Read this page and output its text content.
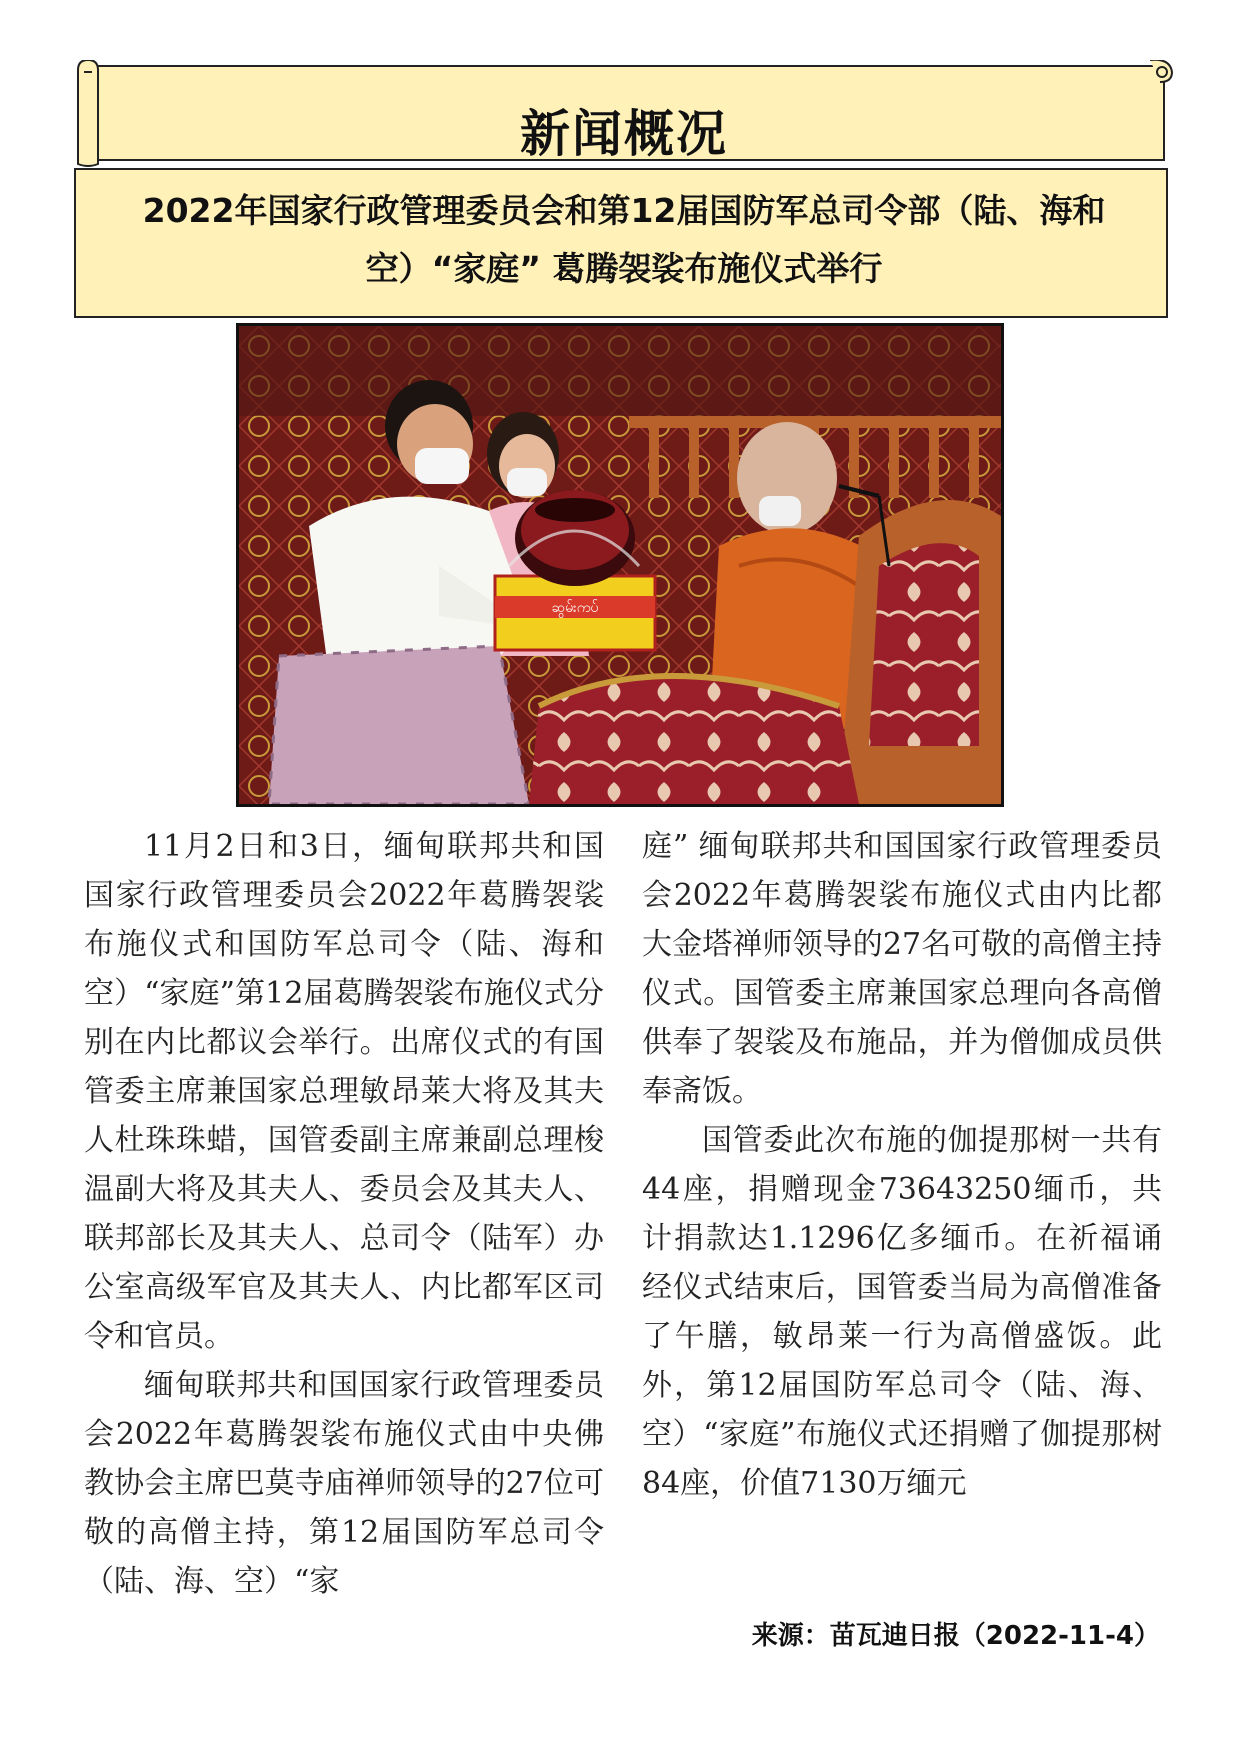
新闻概况
2022年国家行政管理委员会和第12届国防军总司令部（陆、海和空）“家庭” 葛腾袈裟布施仪式举行
ဆွမ်းကပ်

11月2日和3日，缅甸联邦共和国国家行政管理委员会2022年葛腾袈裟布施仪式和国防军总司令（陆、海和空）“家庭”第12届葛腾袈裟布施仪式分别在内比都议会举行。出席仪式的有国管委主席兼国家总理敏昂莱大将及其夫人杜珠珠蜡，国管委副主席兼副总理梭温副大将及其夫人、委员会及其夫人、联邦部长及其夫人、总司令（陆军）办公室高级军官及其夫人、内比都军区司令和官员。

缅甸联邦共和国国家行政管理委员会2022年葛腾袈裟布施仪式由中央佛教协会主席巴莫寺庙禅师领导的27位可敬的高僧主持，第12届国防军总司令（陆、海、空）“家

庭” 缅甸联邦共和国国家行政管理委员会2022年葛腾袈裟布施仪式由内比都大金塔禅师领导的27名可敬的高僧主持仪式。国管委主席兼国家总理向各高僧供奉了袈裟及布施品，并为僧伽成员供奉斋饭。

国管委此次布施的伽提那树一共有44座，捐赠现金73643250缅币，共计捐款达1.1296亿多缅币。在祈福诵经仪式结束后，国管委当局为高僧准备了午膳，敏昂莱一行为高僧盛饭。此外，第12届国防军总司令（陆、海、空）“家庭”布施仪式还捐赠了伽提那树84座，价值7130万缅元

来源：苗瓦迪日报（2022-11-4）
